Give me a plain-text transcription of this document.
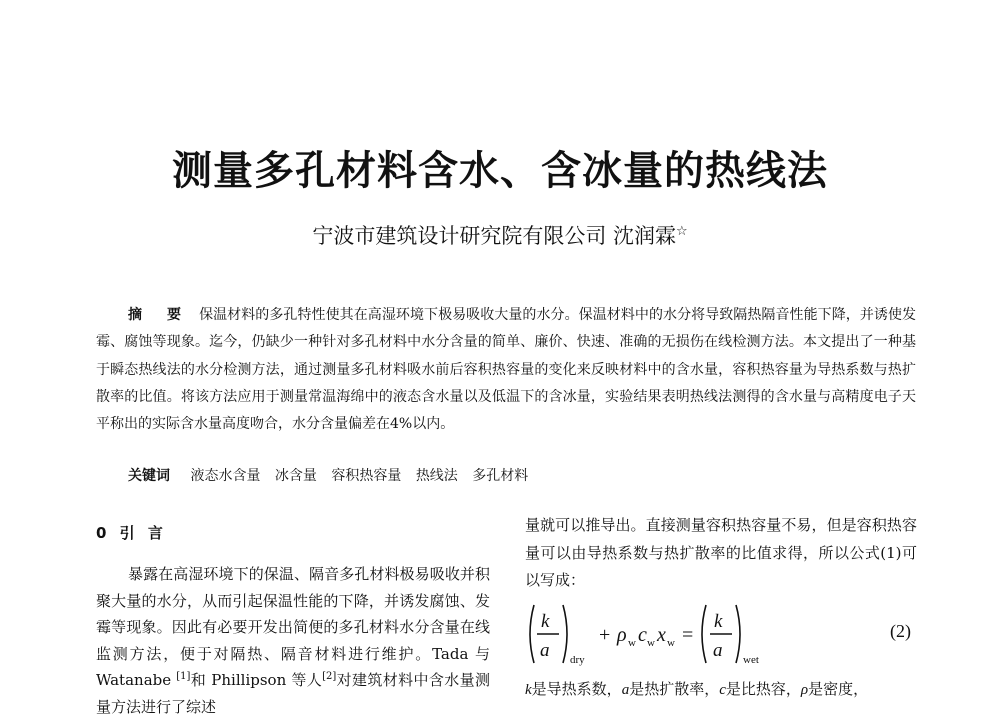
测量多孔材料含水、含冰量的热线法
宁波市建筑设计研究院有限公司 沈润霖☆
摘 要 保温材料的多孔特性使其在高湿环境下极易吸收大量的水分。保温材料中的水分将导致隔热隔音性能下降，并诱使发霉、腐蚀等现象。迄今，仍缺少一种针对多孔材料中水分含量的简单、廉价、快速、准确的无损伤在线检测方法。本文提出了一种基于瞬态热线法的水分检测方法，通过测量多孔材料吸水前后容积热容量的变化来反映材料中的含水量，容积热容量为导热系数与热扩散率的比值。将该方法应用于测量常温海绵中的液态含水量以及低温下的含冰量，实验结果表明热线法测得的含水量与高精度电子天平称出的实际含水量高度吻合，水分含量偏差在4%以内。
关键词 液态水含量 冰含量 容积热容量 热线法 多孔材料
0 引 言
暴露在高湿环境下的保温、隔音多孔材料极易吸收并积聚大量的水分，从而引起保温性能的下降，并诱发腐蚀、发霉等现象。因此有必要开发出简便的多孔材料水分含量在线监测方法，便于对隔热、隔音材料进行维护。Tada 与 Watanabe [1]和 Phillipson 等人[2]对建筑材料中含水量测量方法进行了综述
量就可以推导出。直接测量容积热容量不易，但是容积热容量可以由导热系数与热扩散率的比值求得，所以公式(1)可以写成：
k
a dry
+ ρ w c w x w =
k
a wet
(2)
k是导热系数，a是热扩散率，c是比热容，ρ是密度，
